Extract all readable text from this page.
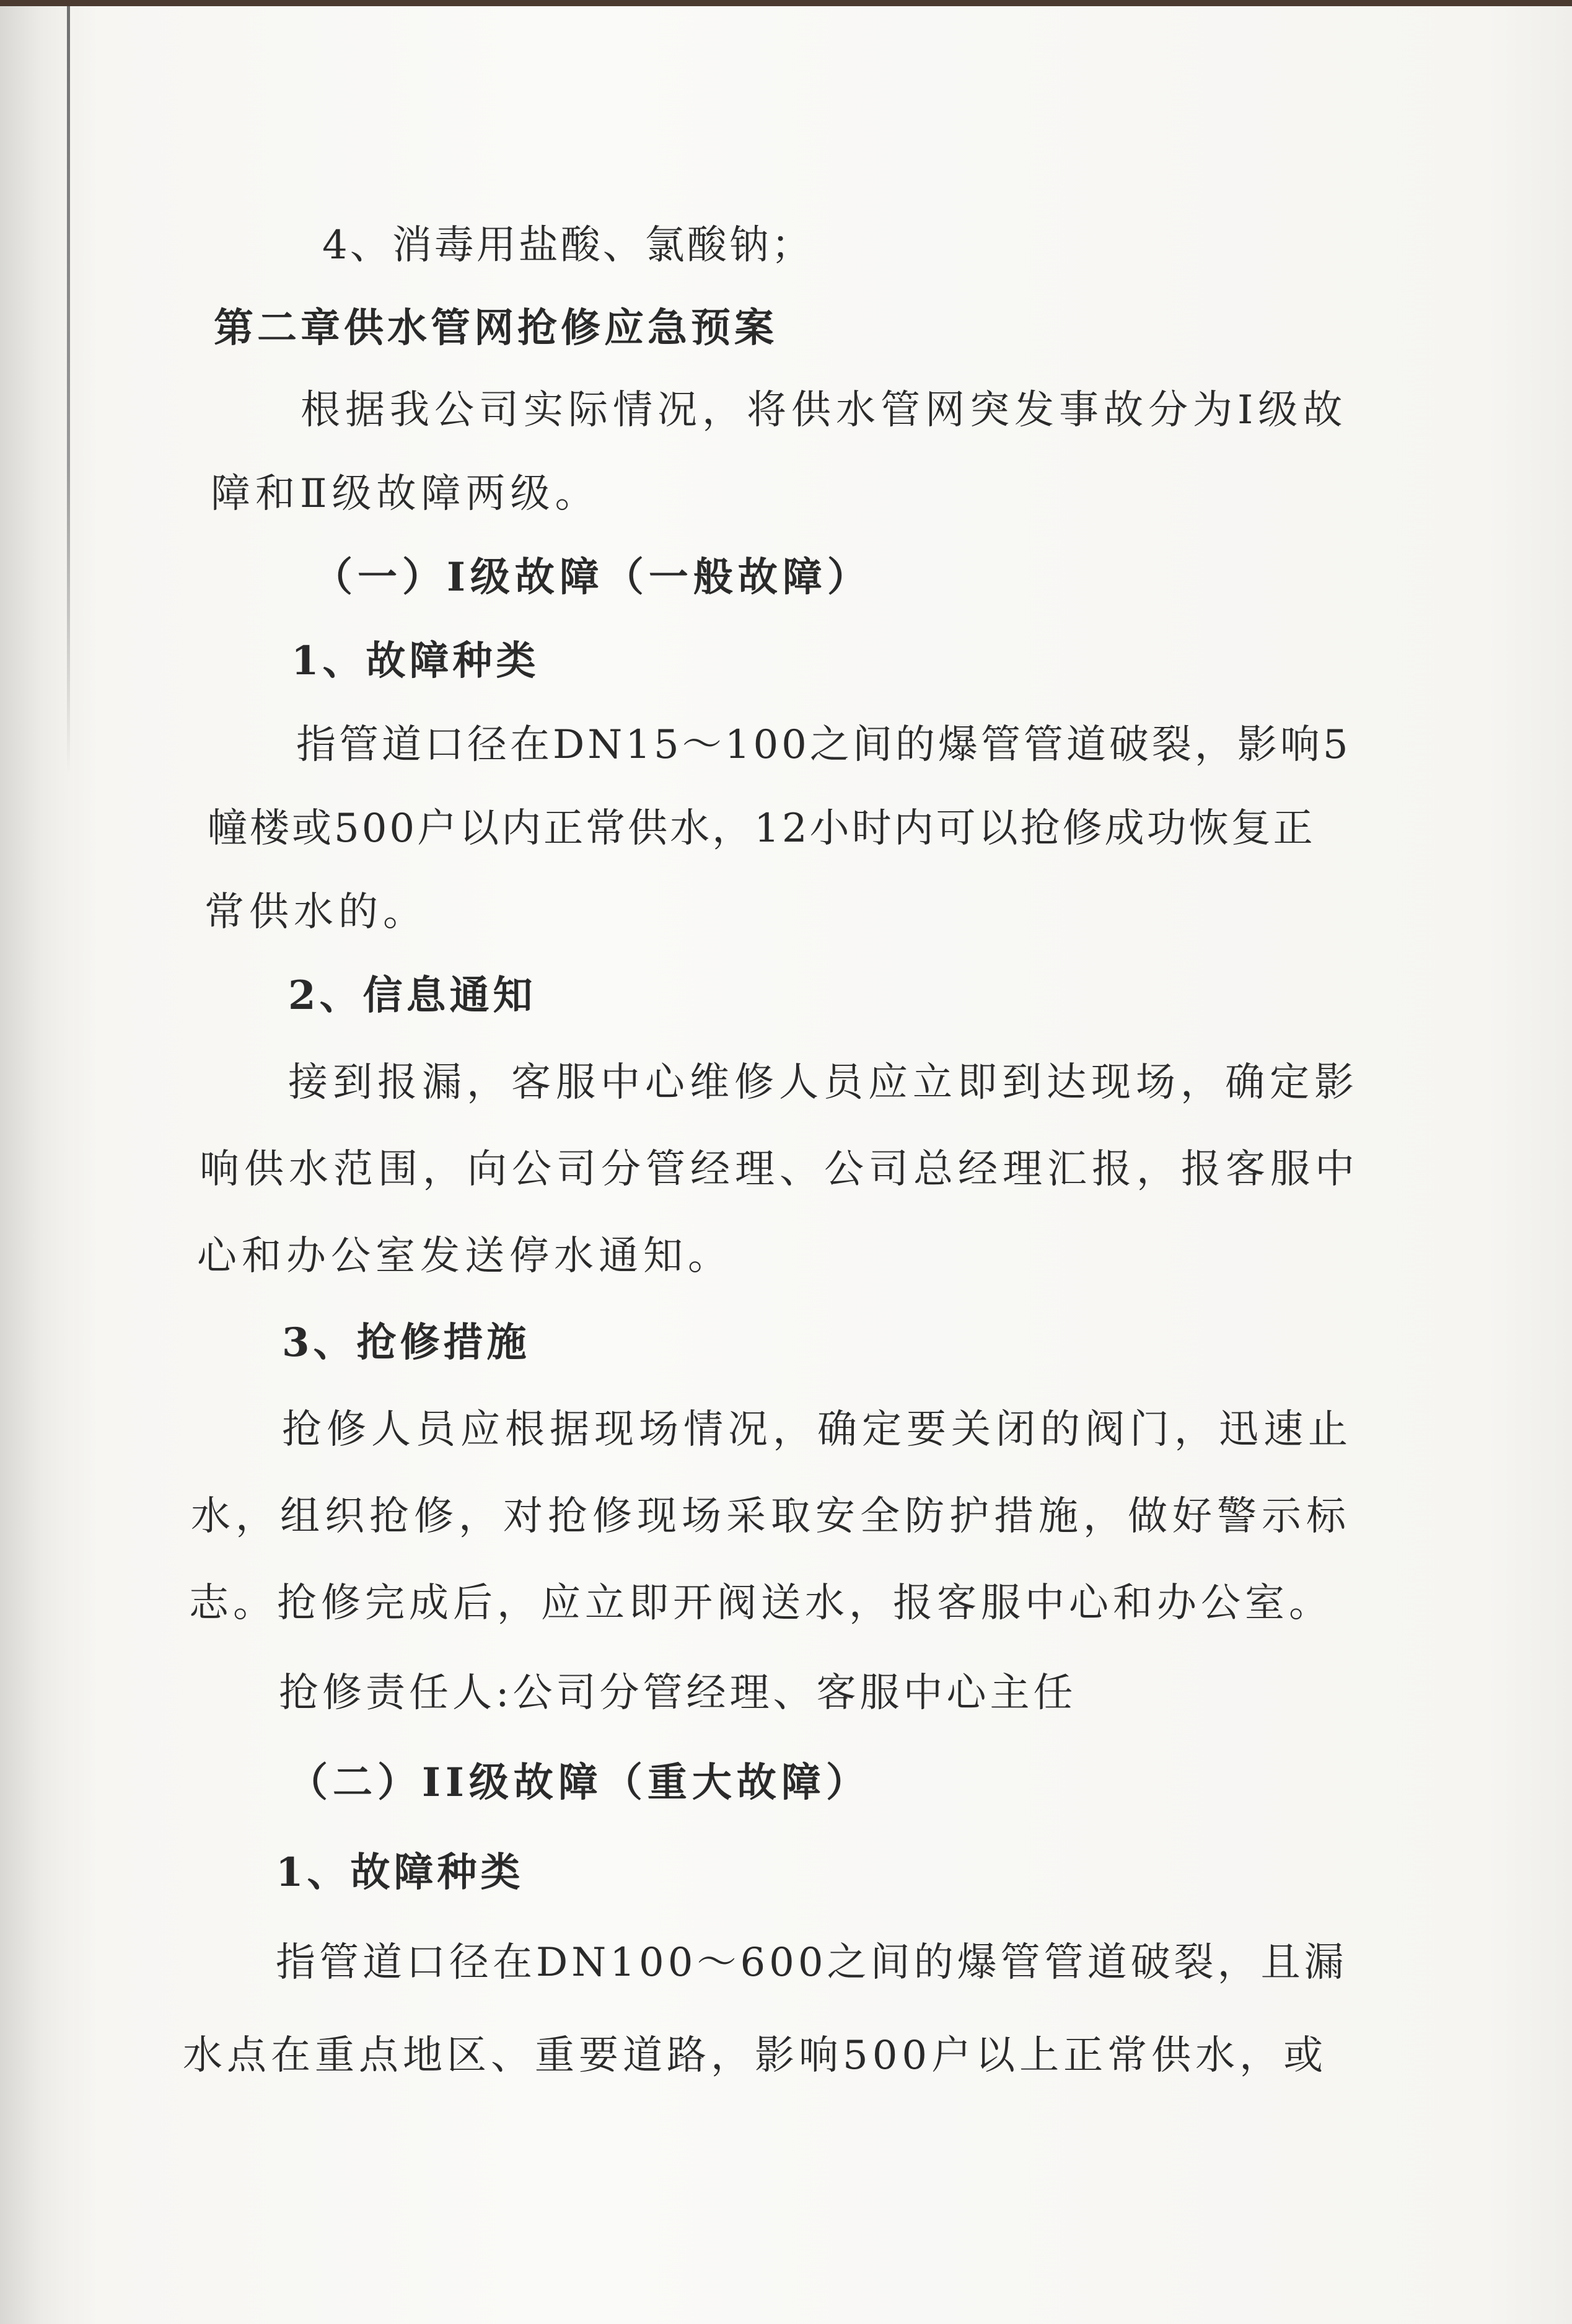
4、消毒用盐酸、氯酸钠；
第二章供水管网抢修应急预案
根据我公司实际情况，将供水管网突发事故分为Ⅰ级故
障和Ⅱ级故障两级。
（一）Ⅰ级故障（一般故障）
1、故障种类
指管道口径在DN15～100之间的爆管管道破裂，影响5
幢楼或500户以内正常供水，12小时内可以抢修成功恢复正
常供水的。
2、信息通知
接到报漏，客服中心维修人员应立即到达现场，确定影
响供水范围，向公司分管经理、公司总经理汇报，报客服中
心和办公室发送停水通知。
3、抢修措施
抢修人员应根据现场情况，确定要关闭的阀门，迅速止
水，组织抢修，对抢修现场采取安全防护措施，做好警示标
志。抢修完成后，应立即开阀送水，报客服中心和办公室。
抢修责任人:公司分管经理、客服中心主任
（二）II级故障（重大故障）
1、故障种类
指管道口径在DN100～600之间的爆管管道破裂，且漏
水点在重点地区、重要道路，影响500户以上正常供水，或
